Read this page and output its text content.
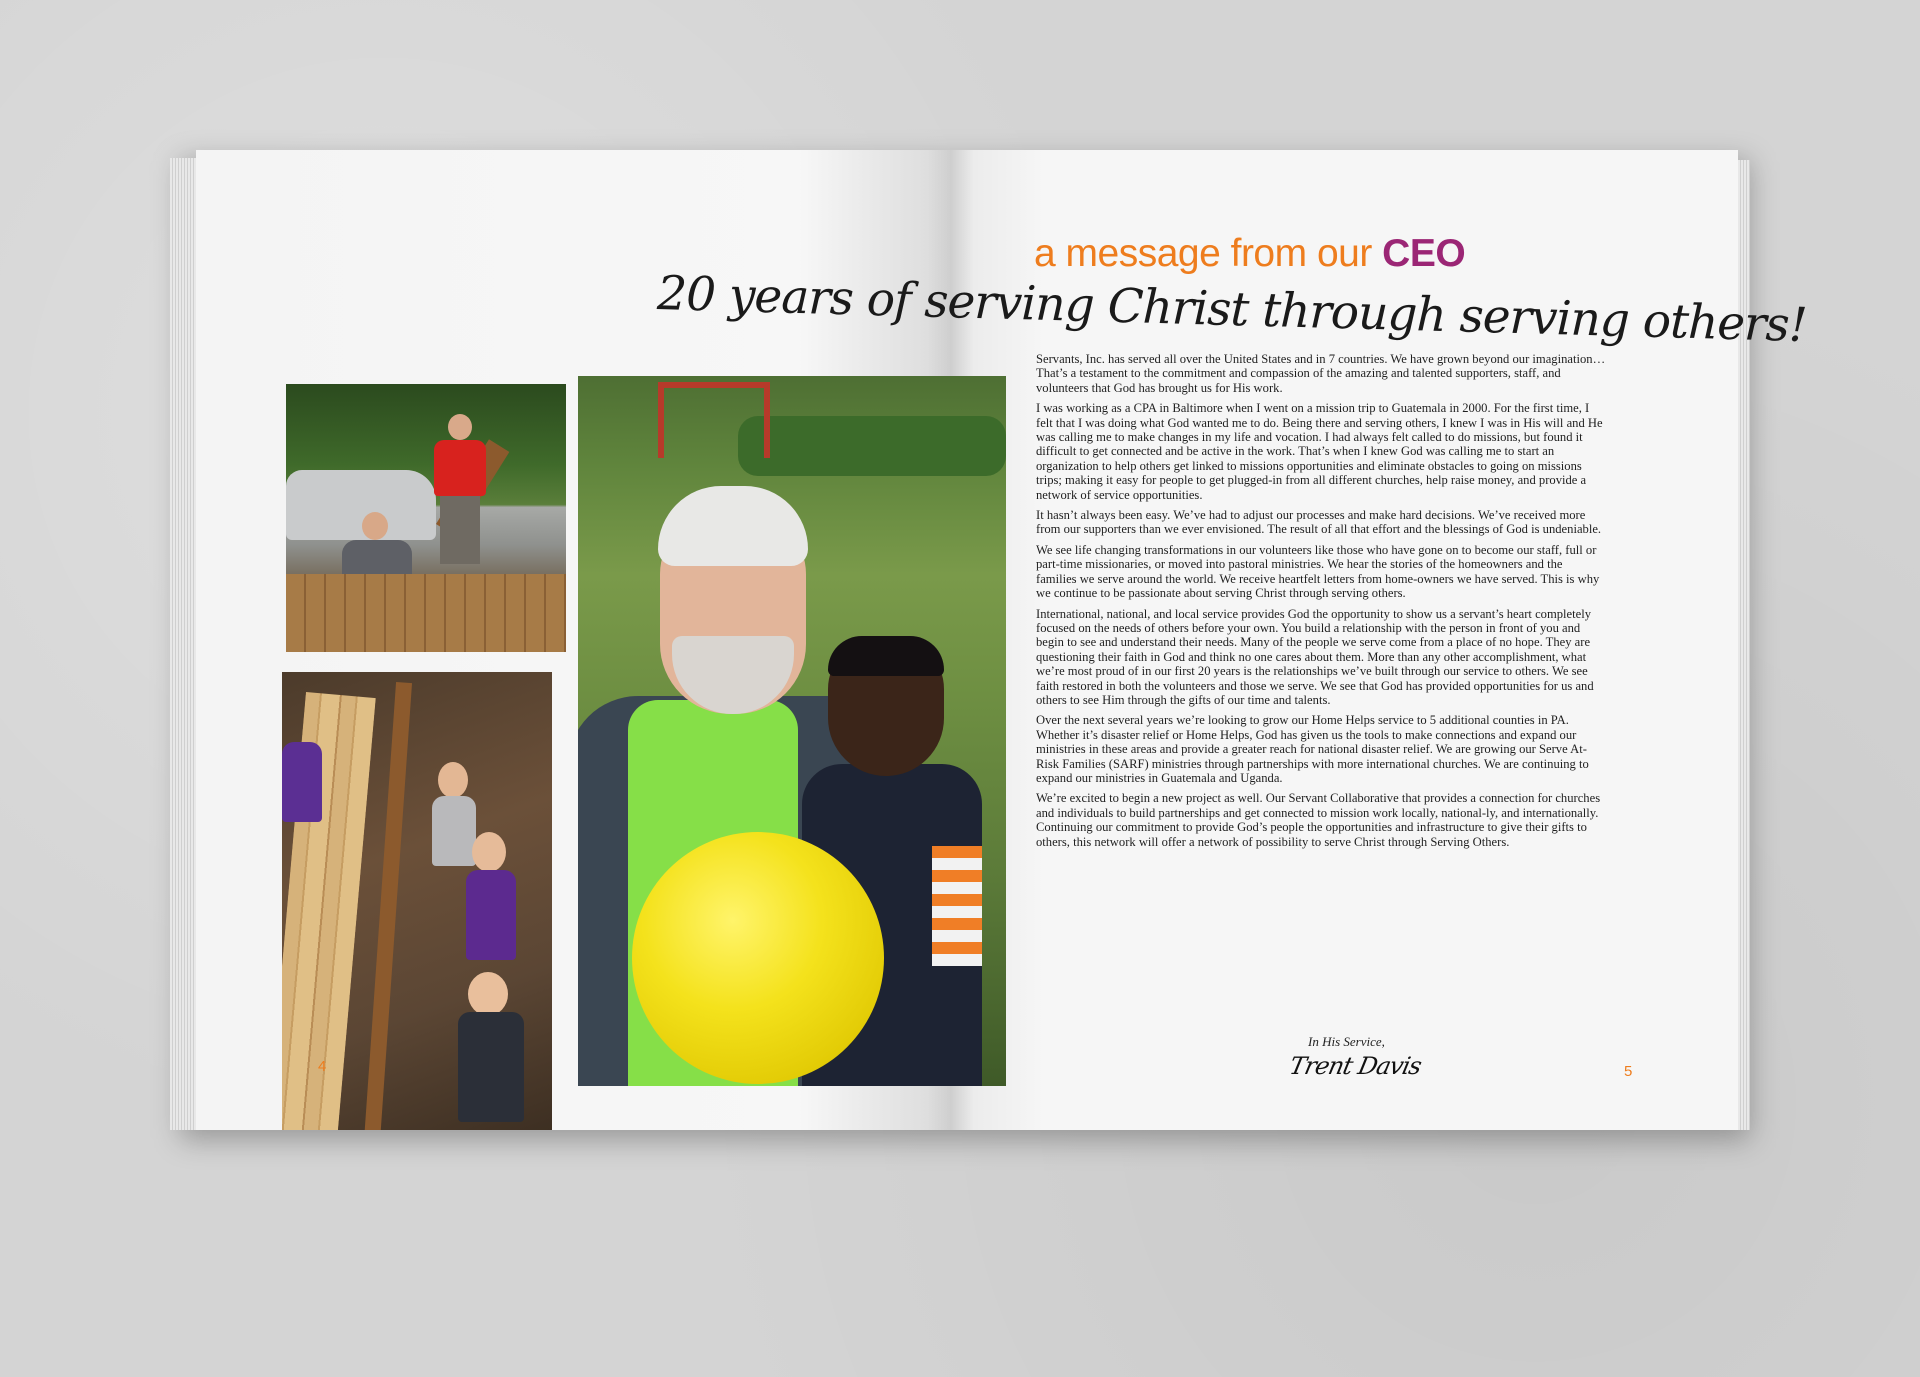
a message from our CEO
20 years of serving Christ through serving others!

Servants, Inc. has served all over the United States and in 7 countries. We have grown beyond our imagination… That’s a testament to the commitment and compassion of the amazing and talented supporters, staff, and volunteers that God has brought us for His work.

I was working as a CPA in Baltimore when I went on a mission trip to Guatemala in 2000. For the first time, I felt that I was doing what God wanted me to do. Being there and serving others, I knew I was in His will and He was calling me to make changes in my life and vocation. I had always felt called to do missions, but found it difficult to get connected and be active in the work. That’s when I knew God was calling me to start an organization to help others get linked to missions opportunities and eliminate obstacles to going on missions trips; making it easy for people to get plugged-in from all different churches, help raise money, and provide a network of service opportunities.

It hasn’t always been easy. We’ve had to adjust our processes and make hard decisions. We’ve received more from our supporters than we ever envisioned. The result of all that effort and the blessings of God is undeniable.

We see life changing transformations in our volunteers like those who have gone on to become our staff, full or part-time missionaries, or moved into pastoral ministries. We hear the stories of the homeowners and the families we serve around the world. We receive heartfelt letters from home-owners we have served. This is why we continue to be passionate about serving Christ through serving others.

International, national, and local service provides God the opportunity to show us a servant’s heart completely focused on the needs of others before your own. You build a relationship with the person in front of you and begin to see and understand their needs. Many of the people we serve come from a place of no hope. They are questioning their faith in God and think no one cares about them. More than any other accomplishment, what we’re most proud of in our first 20 years is the relationships we’ve built through our service to others. We see faith restored in both the volunteers and those we serve. We see that God has provided opportunities for us and others to see Him through the gifts of our time and talents.

Over the next several years we’re looking to grow our Home Helps service to 5 additional counties in PA. Whether it’s disaster relief or Home Helps, God has given us the tools to make connections and expand our ministries in these areas and provide a greater reach for national disaster relief. We are growing our Serve At-Risk Families (SARF) ministries through partnerships with more international churches. We are continuing to expand our ministries in Guatemala and Uganda.

We’re excited to begin a new project as well. Our Servant Collaborative that provides a connection for churches and individuals to build partnerships and get connected to mission work locally, national-ly, and internationally. Continuing our commitment to provide God’s people the opportunities and infrastructure to give their gifts to others, this network will offer a network of possibility to serve Christ through Serving Others.

In His Service,
Trent Davis
4	5
